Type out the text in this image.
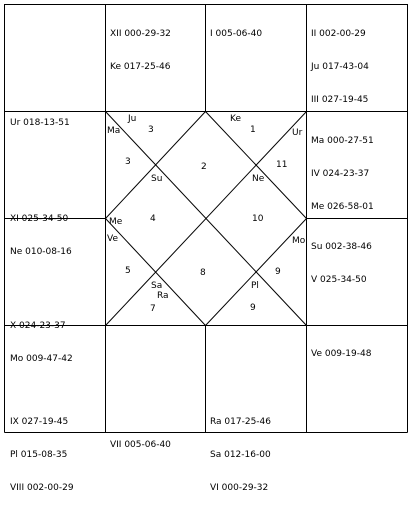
1
2
3
3
4
5
7
8	9
9
10
11
Ju
Ma
Ke
Ur
Su	Ne
Me
Ve	Mo
Sa
Ra
Pl

Ur 018-13-51

XII 000-29-32

Ke 017-25-46

I 005-06-40

	II 002-00-29

Ju 017-43-04

III 027-19-45

XI 025-34-50

Ne 010-08-16

Ma 000-27-51

IV 024-23-37

Me 026-58-01

X 024-23-37

Mo 009-47-42

Su 002-38-46

V 025-34-50

IX 027-19-45

Pl 015-08-35

VIII 002-00-29

VII 005-06-40

Ra 017-25-46

Sa 012-16-00

VI 000-29-32

Ve 009-19-48
